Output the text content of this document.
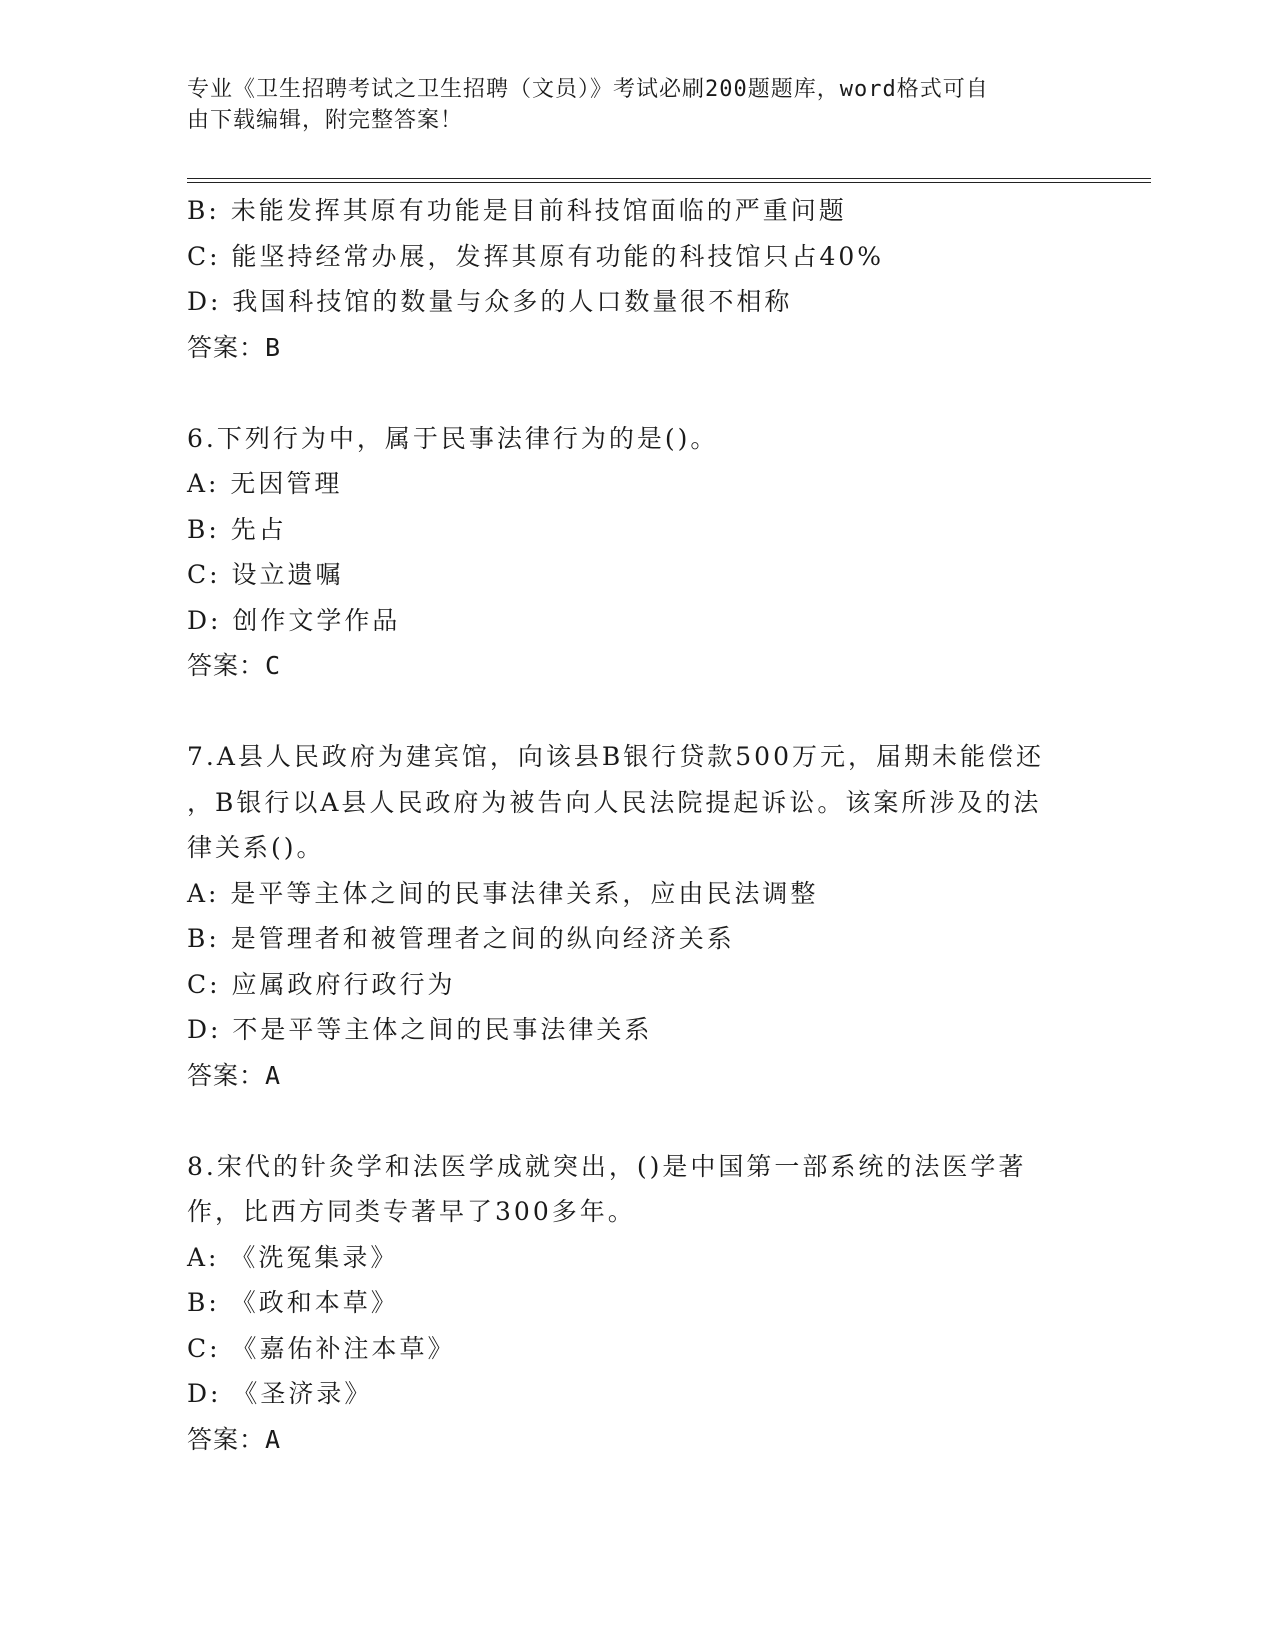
专业《卫生招聘考试之卫生招聘（文员）》考试必刷200题题库，word格式可自
由下载编辑，附完整答案！
B: 未能发挥其原有功能是目前科技馆面临的严重问题
C: 能坚持经常办展，发挥其原有功能的科技馆只占40%
D: 我国科技馆的数量与众多的人口数量很不相称
答案：B
6.下列行为中，属于民事法律行为的是()。
A: 无因管理
B: 先占
C: 设立遗嘱
D: 创作文学作品
答案：C
7.A县人民政府为建宾馆，向该县B银行贷款500万元，届期未能偿还
，B银行以A县人民政府为被告向人民法院提起诉讼。该案所涉及的法
律关系()。
A: 是平等主体之间的民事法律关系，应由民法调整
B: 是管理者和被管理者之间的纵向经济关系
C: 应属政府行政行为
D: 不是平等主体之间的民事法律关系
答案：A
8.宋代的针灸学和法医学成就突出，()是中国第一部系统的法医学著
作，比西方同类专著早了300多年。
A: 《洗冤集录》
B: 《政和本草》
C: 《嘉佑补注本草》
D: 《圣济录》
答案：A
